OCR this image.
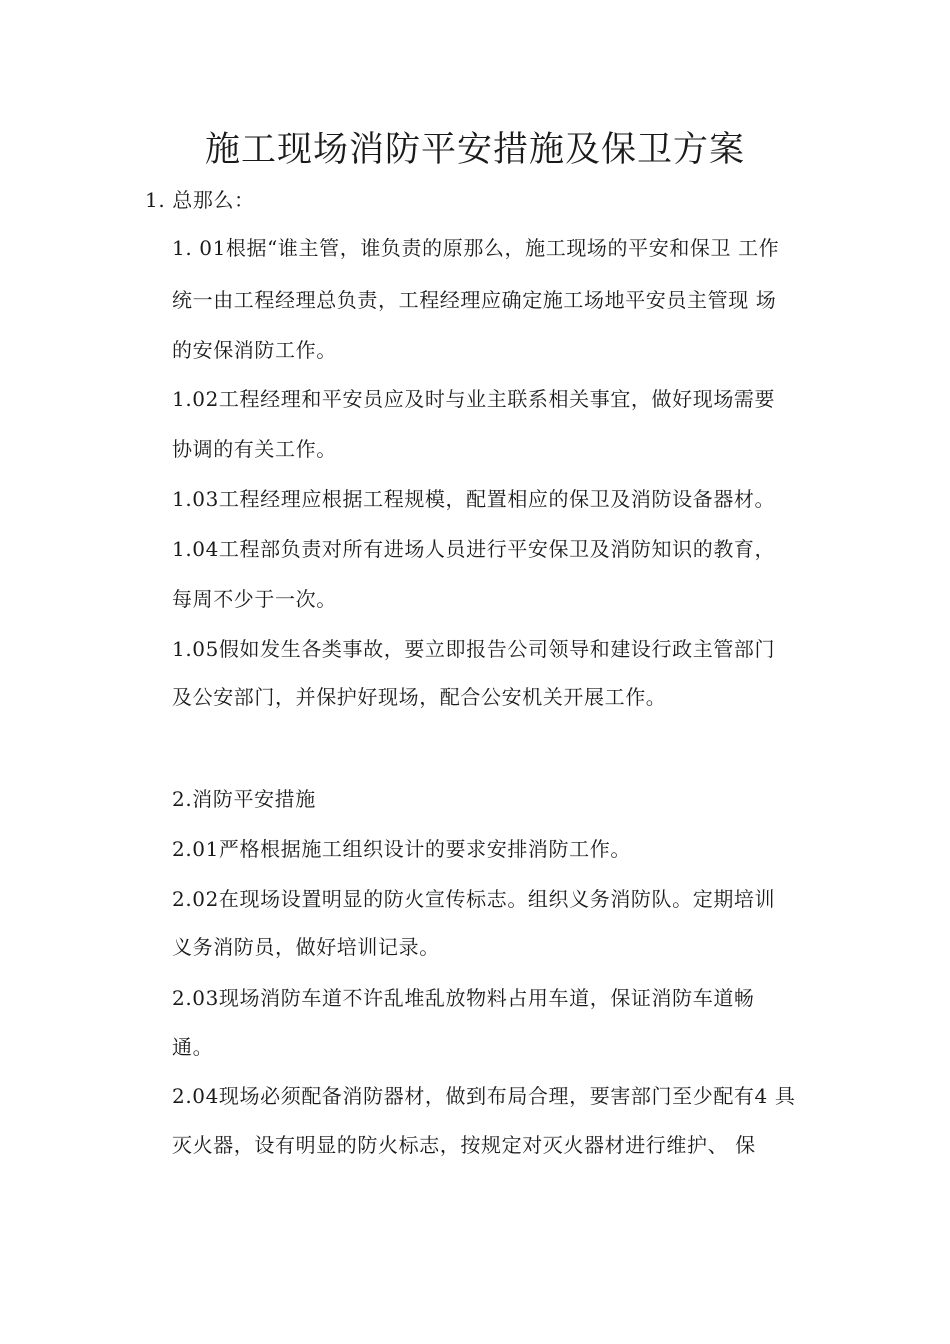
施工现场消防平安措施及保卫方案
1. 总那么：
1. 01根据“谁主管，谁负责的原那么，施工现场的平安和保卫 工作
统一由工程经理总负责，工程经理应确定施工场地平安员主管现 场
的安保消防工作。
1.02工程经理和平安员应及时与业主联系相关事宜，做好现场需要
协调的有关工作。
1.03工程经理应根据工程规模，配置相应的保卫及消防设备器材。
1.04工程部负责对所有进场人员进行平安保卫及消防知识的教育，
每周不少于一次。
1.05假如发生各类事故，要立即报告公司领导和建设行政主管部门
及公安部门，并保护好现场，配合公安机关开展工作。
2.消防平安措施
2.01严格根据施工组织设计的要求安排消防工作。
2.02在现场设置明显的防火宣传标志。组织义务消防队。定期培训
义务消防员，做好培训记录。
2.03现场消防车道不许乱堆乱放物料占用车道，保证消防车道畅
通。
2.04现场必须配备消防器材，做到布局合理，要害部门至少配有4 具
灭火器，设有明显的防火标志，按规定对灭火器材进行维护、 保
